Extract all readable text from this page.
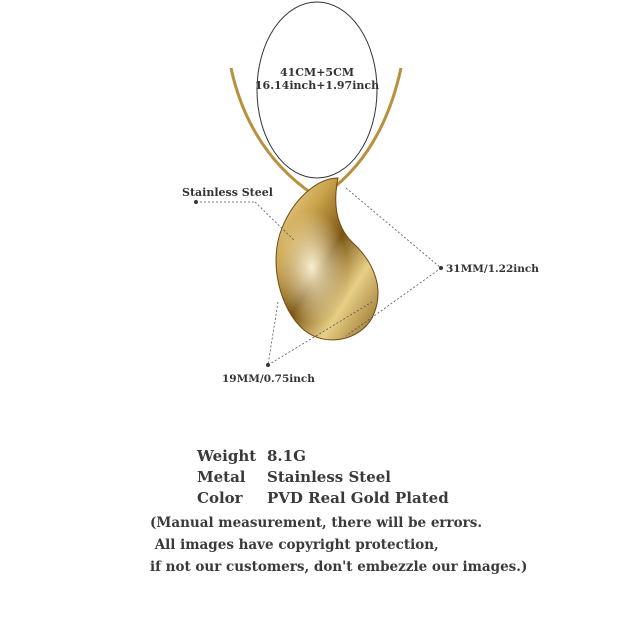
41CM+5CM
16.14inch+1.97inch
Stainless Steel
31MM/1.22inch
19MM/0.75inch
Weight 8.1G
Metal	Stainless Steel
Color	PVD Real Gold Plated
(Manual measurement, there will be errors.
All images have copyright protection,
if not our customers, don't embezzle our images.)
